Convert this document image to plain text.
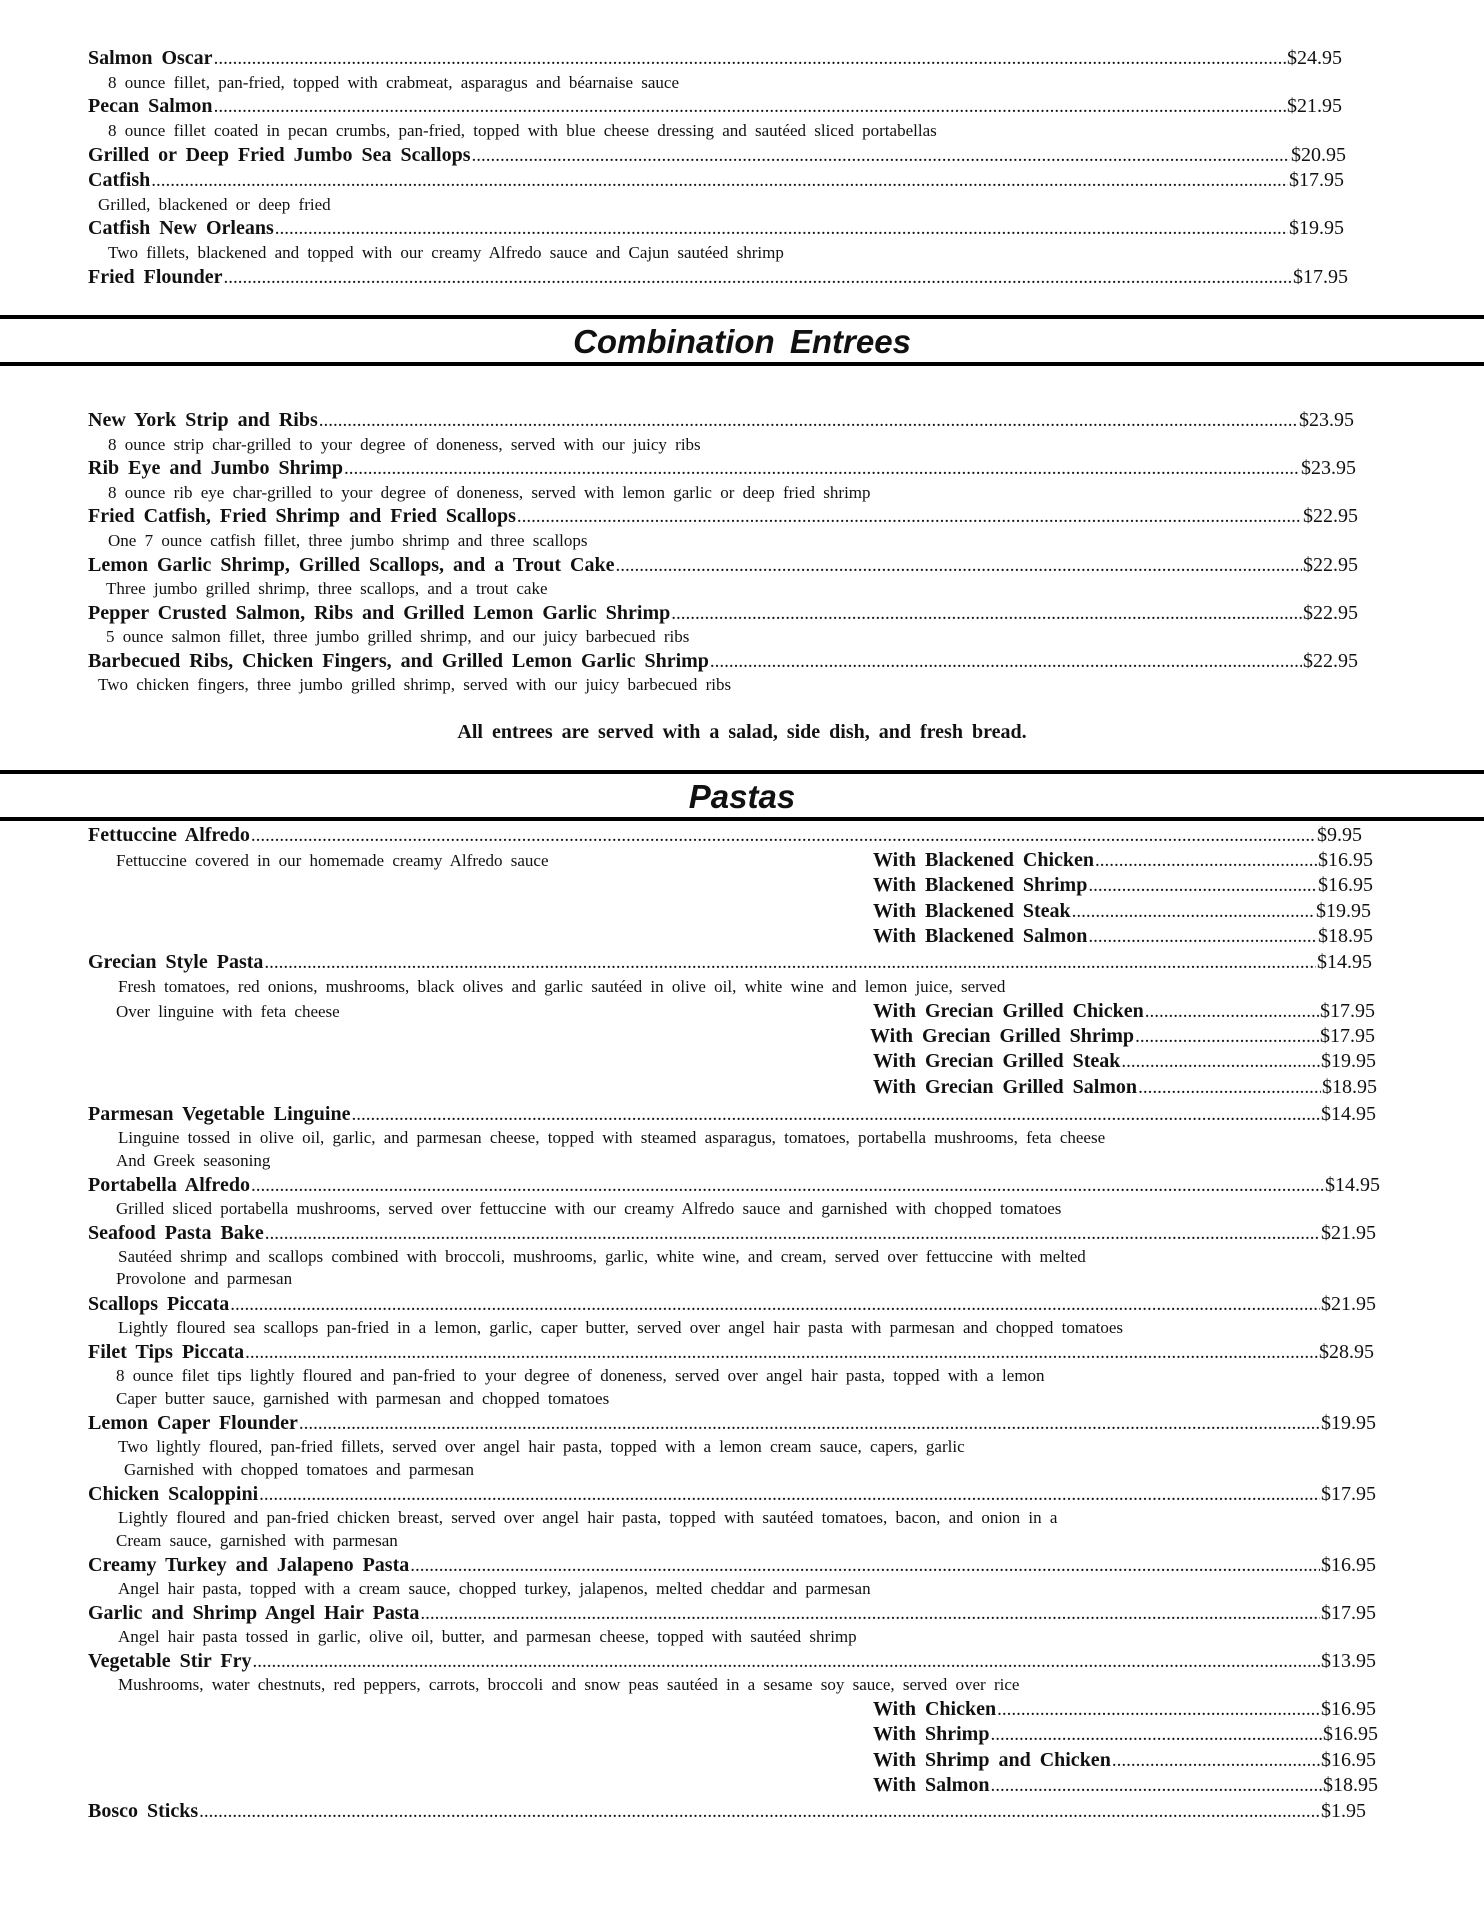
Salmon Oscar .....	$24.95
8 ounce fillet, pan-fried, topped with crabmeat, asparagus and béarnaise sauce
Pecan Salmon .....	$21.95
8 ounce fillet coated in pecan crumbs, pan-fried, topped with blue cheese dressing and sautéed sliced portabellas
Grilled or Deep Fried Jumbo Sea Scallops .....	$20.95
Catfish .....	$17.95
Grilled, blackened or deep fried
Catfish New Orleans .....	$19.95
Two fillets, blackened and topped with our creamy Alfredo sauce and Cajun sautéed shrimp
Fried Flounder .....	$17.95
Combination Entrees
New York Strip and Ribs .....	$23.95
8 ounce strip char-grilled to your degree of doneness, served with our juicy ribs
Rib Eye and Jumbo Shrimp .....	$23.95
8 ounce rib eye char-grilled to your degree of doneness, served with lemon garlic or deep fried shrimp
Fried Catfish, Fried Shrimp and Fried Scallops .....	$22.95
One 7 ounce catfish fillet, three jumbo shrimp and three scallops
Lemon Garlic Shrimp, Grilled Scallops, and a Trout Cake .....	$22.95
Three jumbo grilled shrimp, three scallops, and a trout cake
Pepper Crusted Salmon, Ribs and Grilled Lemon Garlic Shrimp .....	$22.95
5 ounce salmon fillet, three jumbo grilled shrimp, and our juicy barbecued ribs
Barbecued Ribs, Chicken Fingers, and Grilled Lemon Garlic Shrimp .....	$22.95
Two chicken fingers, three jumbo grilled shrimp, served with our juicy barbecued ribs
All entrees are served with a salad, side dish, and fresh bread.
Pastas
Fettuccine Alfredo .....	$9.95
Fettuccine covered in our homemade creamy Alfredo sauce	With Blackened Chicken .....	$16.95
With Blackened Shrimp .....	$16.95
With Blackened Steak .....	$19.95
With Blackened Salmon .....	$18.95
Grecian Style Pasta .....	$14.95
Fresh tomatoes, red onions, mushrooms, black olives and garlic sautéed in olive oil, white wine and lemon juice, served
Over linguine with feta cheese	With Grecian Grilled Chicken .....	$17.95
With Grecian Grilled Shrimp .....	$17.95
With Grecian Grilled Steak .....	$19.95
With Grecian Grilled Salmon .....	$18.95
Parmesan Vegetable Linguine .....	$14.95
Linguine tossed in olive oil, garlic, and parmesan cheese, topped with steamed asparagus, tomatoes, portabella mushrooms, feta cheese
And Greek seasoning
Portabella Alfredo .....	$14.95
Grilled sliced portabella mushrooms, served over fettuccine with our creamy Alfredo sauce and garnished with chopped tomatoes
Seafood Pasta Bake .....	$21.95
Sautéed shrimp and scallops combined with broccoli, mushrooms, garlic, white wine, and cream, served over fettuccine with melted
Provolone and parmesan
Scallops Piccata .....	$21.95
Lightly floured sea scallops pan-fried in a lemon, garlic, caper butter, served over angel hair pasta with parmesan and chopped tomatoes
Filet Tips Piccata .....	$28.95
8 ounce filet tips lightly floured and pan-fried to your degree of doneness, served over angel hair pasta, topped with a lemon
Caper butter sauce, garnished with parmesan and chopped tomatoes
Lemon Caper Flounder .....	$19.95
Two lightly floured, pan-fried fillets, served over angel hair pasta, topped with a lemon cream sauce, capers, garlic
Garnished with chopped tomatoes and parmesan
Chicken Scaloppini .....	$17.95
Lightly floured and pan-fried chicken breast, served over angel hair pasta, topped with sautéed tomatoes, bacon, and onion in a
Cream sauce, garnished with parmesan
Creamy Turkey and Jalapeno Pasta .....	$16.95
Angel hair pasta, topped with a cream sauce, chopped turkey, jalapenos, melted cheddar and parmesan
Garlic and Shrimp Angel Hair Pasta .....	$17.95
Angel hair pasta tossed in garlic, olive oil, butter, and parmesan cheese, topped with sautéed shrimp
Vegetable Stir Fry .....	$13.95
Mushrooms, water chestnuts, red peppers, carrots, broccoli and snow peas sautéed in a sesame soy sauce, served over rice
With Chicken .....	$16.95
With Shrimp .....	$16.95
With Shrimp and Chicken .....	$16.95
With Salmon .....	$18.95
Bosco Sticks .....	$1.95
